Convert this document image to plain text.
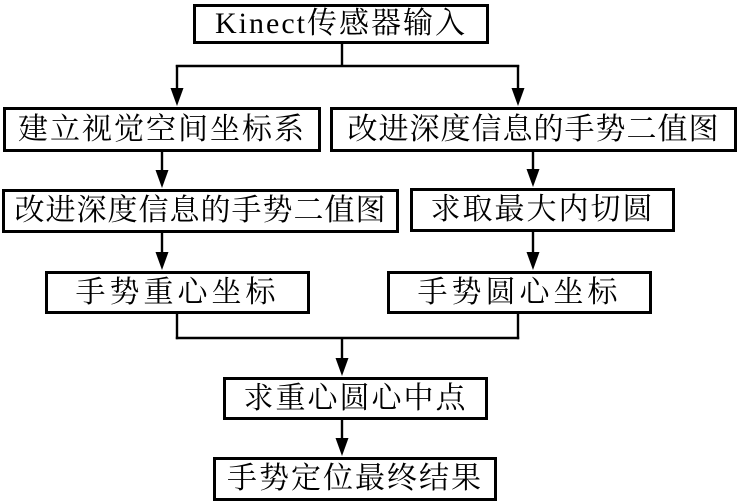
Kinect传感器输入
建立视觉空间坐标系 改进深度信息的手势二值图
改进深度信息的手势二值图 求取最大内切圆
手势重心坐标	手势圆心坐标
求重心圆心中点
手势定位最终结果
